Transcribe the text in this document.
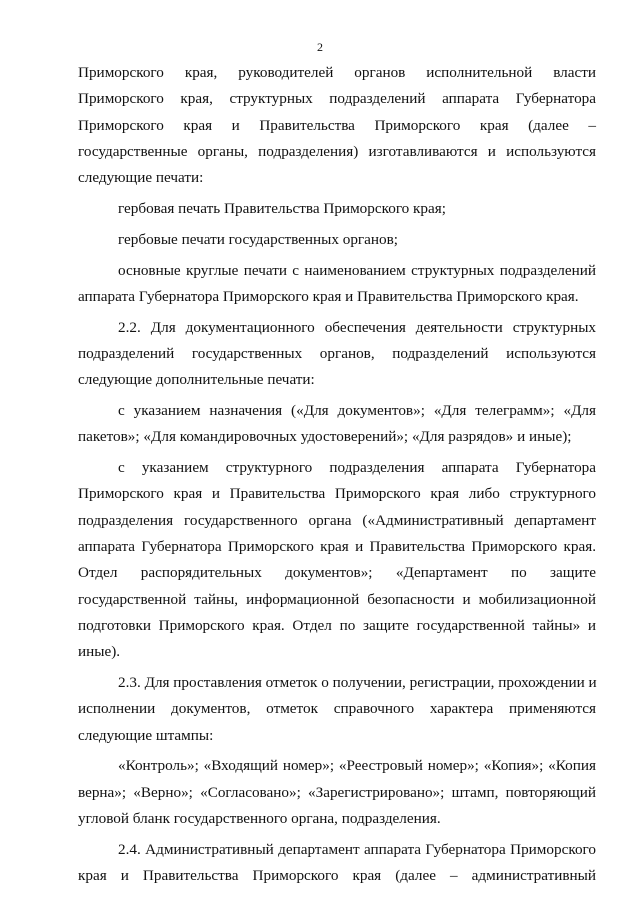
2
Приморского края, руководителей органов исполнительной власти
Приморского края, структурных подразделений аппарата Губернатора
Приморского края и Правительства Приморского края (далее –
государственные органы, подразделения) изготавливаются и используются
следующие печати:
гербовая печать Правительства Приморского края;
гербовые печати государственных органов;
основные круглые печати с наименованием структурных подразделений
аппарата Губернатора Приморского края и Правительства Приморского края.
2.2. Для документационного обеспечения деятельности структурных
подразделений государственных органов, подразделений используются
следующие дополнительные печати:
с указанием назначения («Для документов»; «Для телеграмм»; «Для
пакетов»; «Для командировочных удостоверений»; «Для разрядов» и иные);
с указанием структурного подразделения аппарата Губернатора
Приморского края и Правительства Приморского края либо структурного
подразделения государственного органа («Административный департамент
аппарата Губернатора Приморского края и Правительства Приморского края.
Отдел распорядительных документов»; «Департамент по защите
государственной тайны, информационной безопасности и мобилизационной
подготовки Приморского края. Отдел по защите государственной тайны» и
иные).
2.3. Для проставления отметок о получении, регистрации, прохождении и
исполнении документов, отметок справочного характера применяются
следующие штампы:
«Контроль»; «Входящий номер»; «Реестровый номер»; «Копия»; «Копия
верна»; «Верно»; «Согласовано»; «Зарегистрировано»; штамп, повторяющий
угловой бланк государственного органа, подразделения.
2.4. Административный департамент аппарата Губернатора Приморского
края и Правительства Приморского края (далее – административный
